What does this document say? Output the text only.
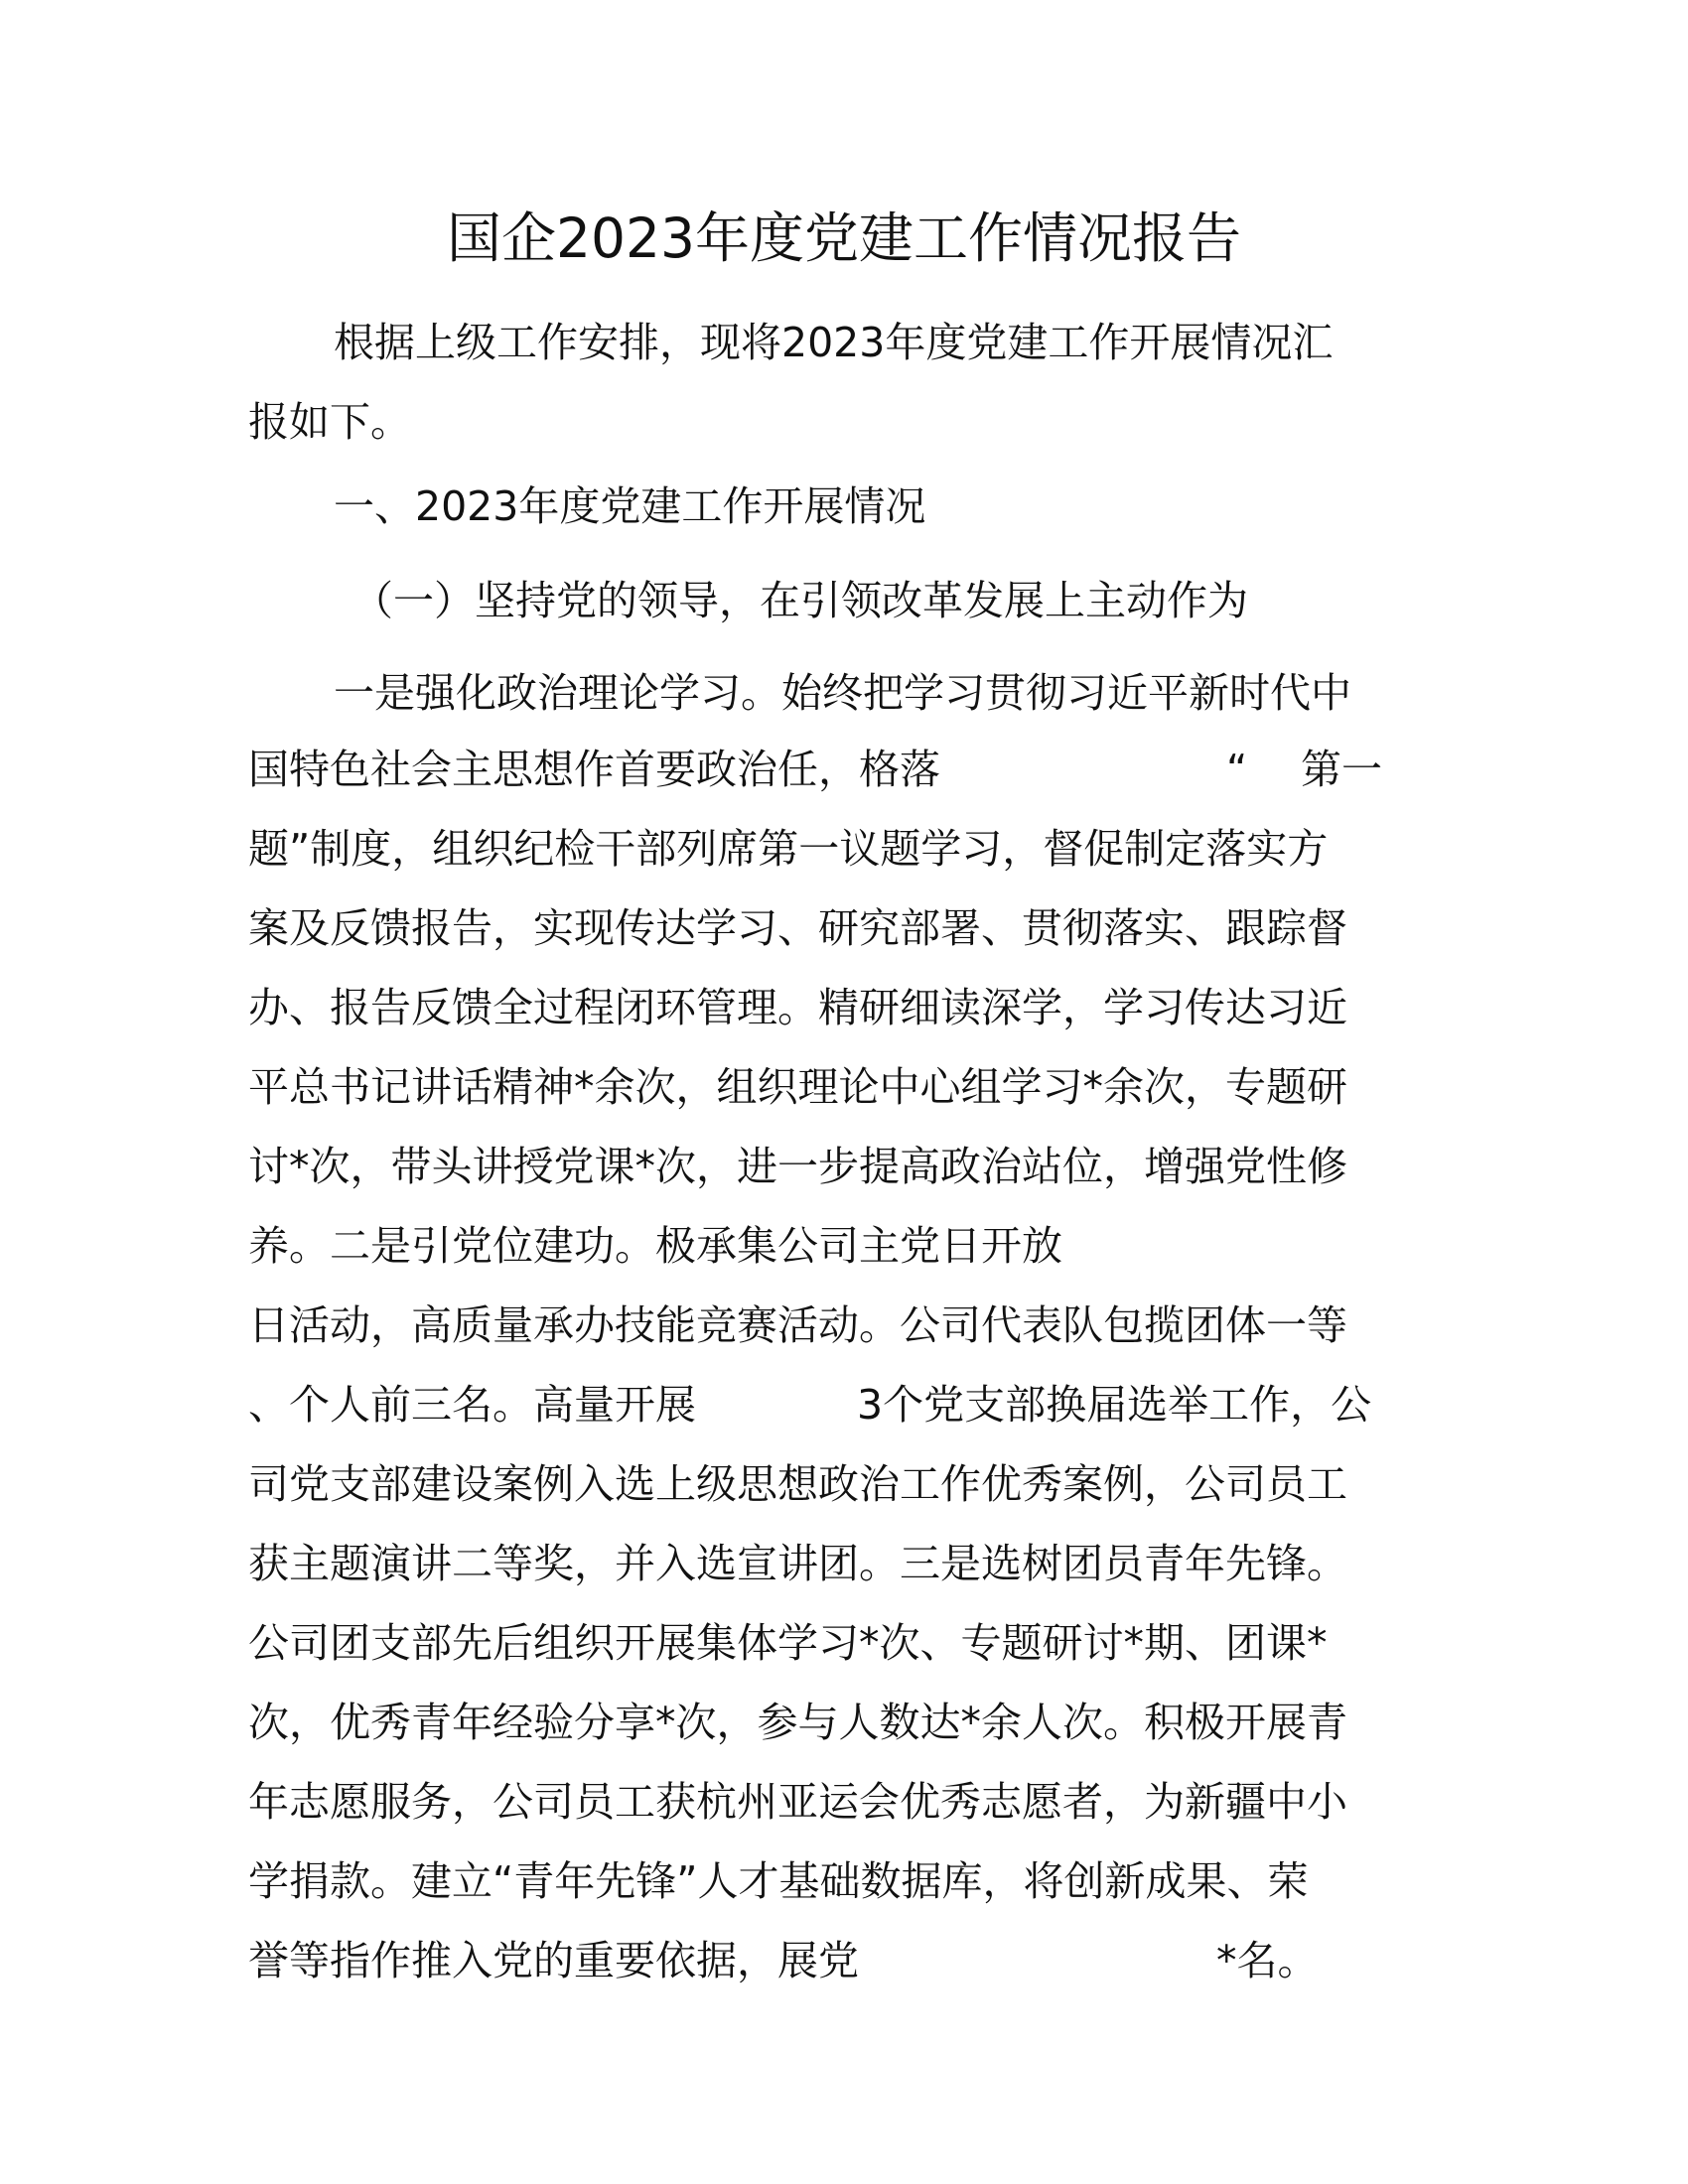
国企2023年度党建工作情况报告
根据上级工作安排，现将2023年度党建工作开展情况汇
报如下。
一、2023年度党建工作开展情况
（一）坚持党的领导，在引领改革发展上主动作为
一是强化政治理论学习。始终把学习贯彻习近平新时代中
国特色社会主思想作首要政治任，格落	“ 第一
题”制度，组织纪检干部列席第一议题学习，督促制定落实方
案及反馈报告，实现传达学习、研究部署、贯彻落实、跟踪督
办、报告反馈全过程闭环管理。精研细读深学，学习传达习近
平总书记讲话精神*余次，组织理论中心组学习*余次，专题研
讨*次，带头讲授党课*次，进一步提高政治站位，增强党性修
养。二是引党位建功。极承集公司主党日开放
日活动，高质量承办技能竞赛活动。公司代表队包揽团体一等
、个人前三名。高量开展	3个党支部换届选举工作，公
司党支部建设案例入选上级思想政治工作优秀案例，公司员工
获主题演讲二等奖，并入选宣讲团。三是选树团员青年先锋。
公司团支部先后组织开展集体学习*次、专题研讨*期、团课*
次，优秀青年经验分享*次，参与人数达*余人次。积极开展青
年志愿服务，公司员工获杭州亚运会优秀志愿者，为新疆中小
学捐款。建立“青年先锋”人才基础数据库，将创新成果、荣
誉等指作推入党的重要依据，展党	*名。
